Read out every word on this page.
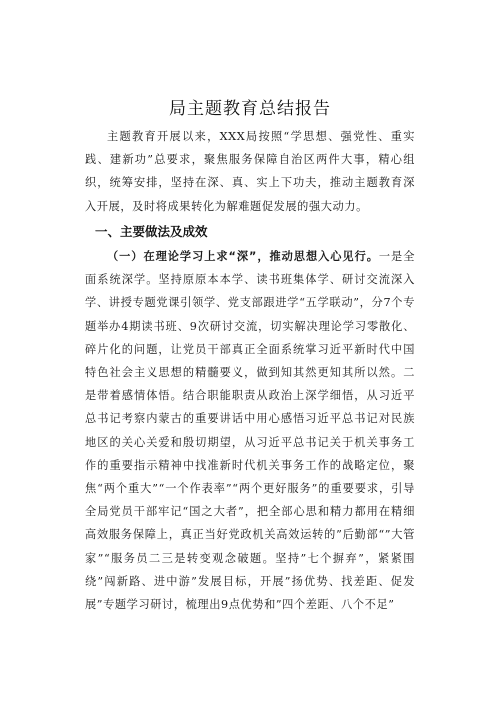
局主题教育总结报告

主题教育开展以来，XXX局按照“学思想、强党性、重实践、建新功”总要求，聚焦服务保障自治区两件大事，精心组织，统筹安排，坚持在深、真、实上下功夫，推动主题教育深入开展，及时将成果转化为解难题促发展的强大动力。

一、主要做法及成效

（一）在理论学习上求“深”，推动思想入心见行。一是全面系统深学。坚持原原本本学、读书班集体学、研讨交流深入学、讲授专题党课引领学、党支部跟进学“五学联动”，分7个专题举办4期读书班、9次研讨交流，切实解决理论学习零散化、碎片化的问题，让党员干部真正全面系统掌习近平新时代中国特色社会主义思想的精髓要义，做到知其然更知其所以然。二是带着感情体悟。结合职能职责从政治上深学细悟，从习近平总书记考察内蒙古的重要讲话中用心感悟习近平总书记对民族地区的关心关爱和殷切期望，从习近平总书记关于机关事务工作的重要指示精神中找准新时代机关事务工作的战略定位，聚焦“两个重大”“一个作表率”“两个更好服务”的重要要求，引导全局党员干部牢记“国之大者”，把全部心思和精力都用在精细高效服务保障上，真正当好党政机关高效运转的”后勤部“”大管家”“服务员二三是转变观念破题。坚持”七个摒弃”，紧紧围绕”闯新路、进中游”发展目标，开展”扬优势、找差距、促发展”专题学习研讨，梳理出9点优势和”四个差距、八个不足”
